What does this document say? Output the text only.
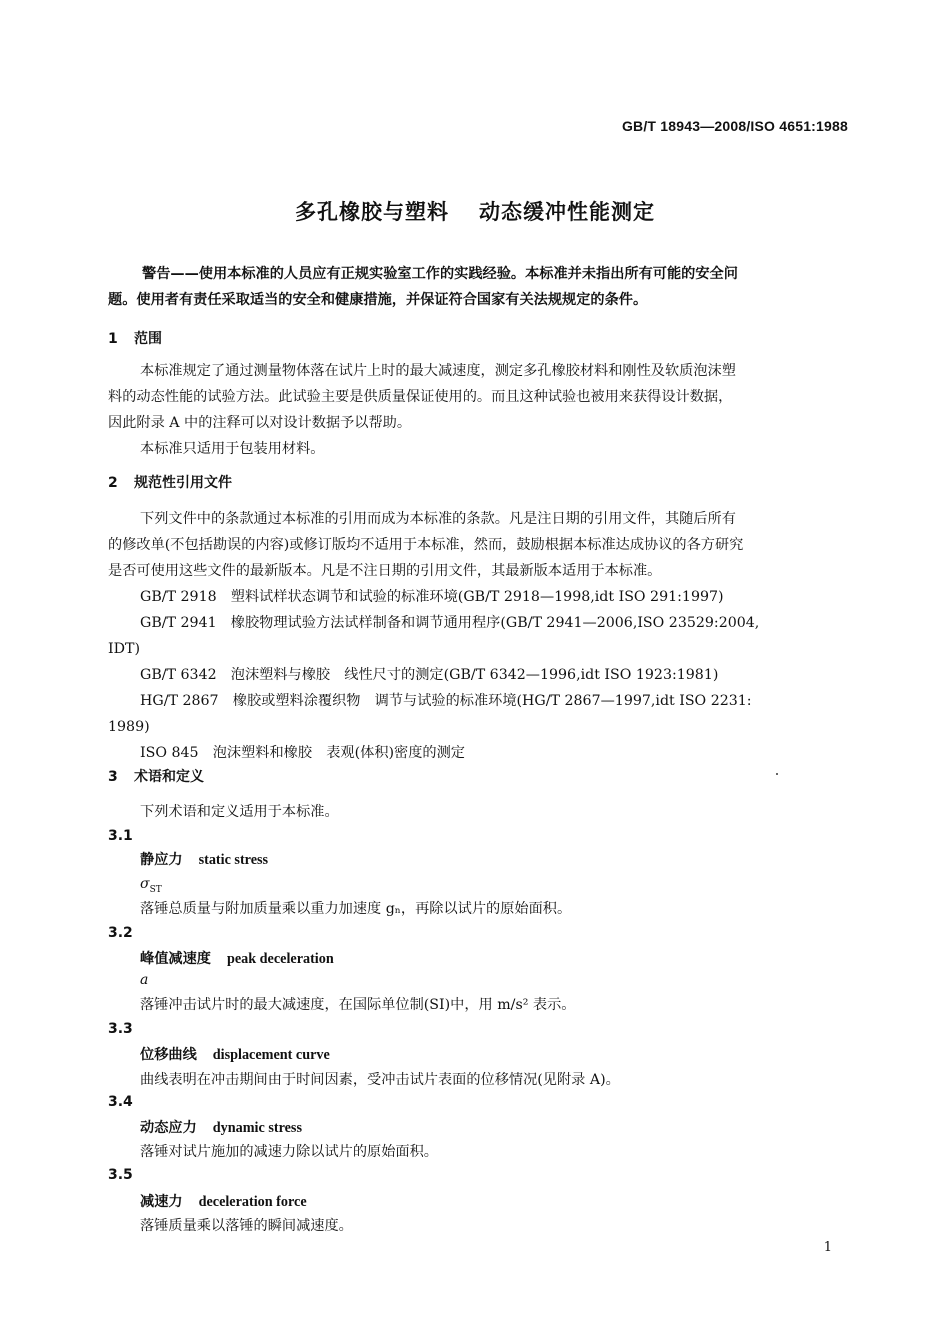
GB/T 18943—2008/ISO 4651:1988
多孔橡胶与塑料 动态缓冲性能测定
警告——使用本标准的人员应有正规实验室工作的实践经验。本标准并未指出所有可能的安全问
题。使用者有责任采取适当的安全和健康措施，并保证符合国家有关法规规定的条件。
1 范围
本标准规定了通过测量物体落在试片上时的最大减速度，测定多孔橡胶材料和刚性及软质泡沫塑
料的动态性能的试验方法。此试验主要是供质量保证使用的。而且这种试验也被用来获得设计数据，
因此附录 A 中的注释可以对设计数据予以帮助。
本标准只适用于包装用材料。
2 规范性引用文件
下列文件中的条款通过本标准的引用而成为本标准的条款。凡是注日期的引用文件，其随后所有
的修改单(不包括勘误的内容)或修订版均不适用于本标准，然而，鼓励根据本标准达成协议的各方研究
是否可使用这些文件的最新版本。凡是不注日期的引用文件，其最新版本适用于本标准。
GB/T 2918　塑料试样状态调节和试验的标准环境(GB/T 2918—1998,idt ISO 291:1997)
GB/T 2941　橡胶物理试验方法试样制备和调节通用程序(GB/T 2941—2006,ISO 23529:2004,
IDT)
GB/T 6342　泡沫塑料与橡胶　线性尺寸的测定(GB/T 6342—1996,idt ISO 1923:1981)
HG/T 2867　橡胶或塑料涂覆织物　调节与试验的标准环境(HG/T 2867—1997,idt ISO 2231:
1989)
ISO 845　泡沫塑料和橡胶　表观(体积)密度的测定
3 术语和定义
下列术语和定义适用于本标准。
3.1
静应力 static stress
$\sigma_{ST}$
落锤总质量与附加质量乘以重力加速度 gₙ，再除以试片的原始面积。
3.2
峰值减速度 peak deceleration
a
落锤冲击试片时的最大减速度，在国际单位制(SI)中，用 m/s² 表示。
3.3
位移曲线 displacement curve
曲线表明在冲击期间由于时间因素，受冲击试片表面的位移情况(见附录 A)。
3.4
动态应力 dynamic stress
落锤对试片施加的减速力除以试片的原始面积。
3.5
减速力 deceleration force
落锤质量乘以落锤的瞬间减速度。
1
